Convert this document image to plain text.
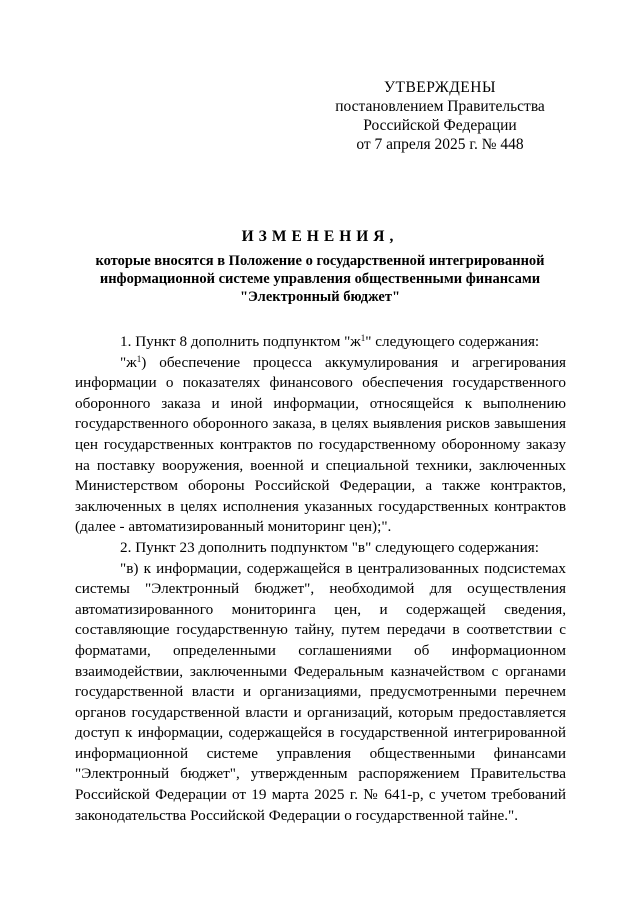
УТВЕРЖДЕНЫ
постановлением Правительства
Российской Федерации
от 7 апреля 2025 г. № 448
ИЗМЕНЕНИЯ,
которые вносятся в Положение о государственной интегрированной
информационной системе управления общественными финансами
"Электронный бюджет"

1. Пункт 8 дополнить подпунктом "$ж^1$" следующего содержания:

"$ж^1$) обеспечение процесса аккумулирования и агрегирования информации о показателях финансового обеспечения государственного оборонного заказа и иной информации, относящейся к выполнению государственного оборонного заказа, в целях выявления рисков завышения цен государственных контрактов по государственному оборонному заказу на поставку вооружения, военной и специальной техники, заключенных Министерством обороны Российской Федерации, а также контрактов, заключенных в целях исполнения указанных государственных контрактов (далее - автоматизированный мониторинг цен);".

2. Пункт 23 дополнить подпунктом "в" следующего содержания:

"в) к информации, содержащейся в централизованных подсистемах системы "Электронный бюджет", необходимой для осуществления автоматизированного мониторинга цен, и содержащей сведения, составляющие государственную тайну, путем передачи в соответствии с форматами, определенными соглашениями об информационном взаимодействии, заключенными Федеральным казначейством с органами государственной власти и организациями, предусмотренными перечнем органов государственной власти и организаций, которым предоставляется доступ к информации, содержащейся в государственной интегрированной информационной системе управления общественными финансами "Электронный бюджет", утвержденным распоряжением Правительства Российской Федерации от 19 марта 2025 г. № 641-р, с учетом требований законодательства Российской Федерации о государственной тайне.".
